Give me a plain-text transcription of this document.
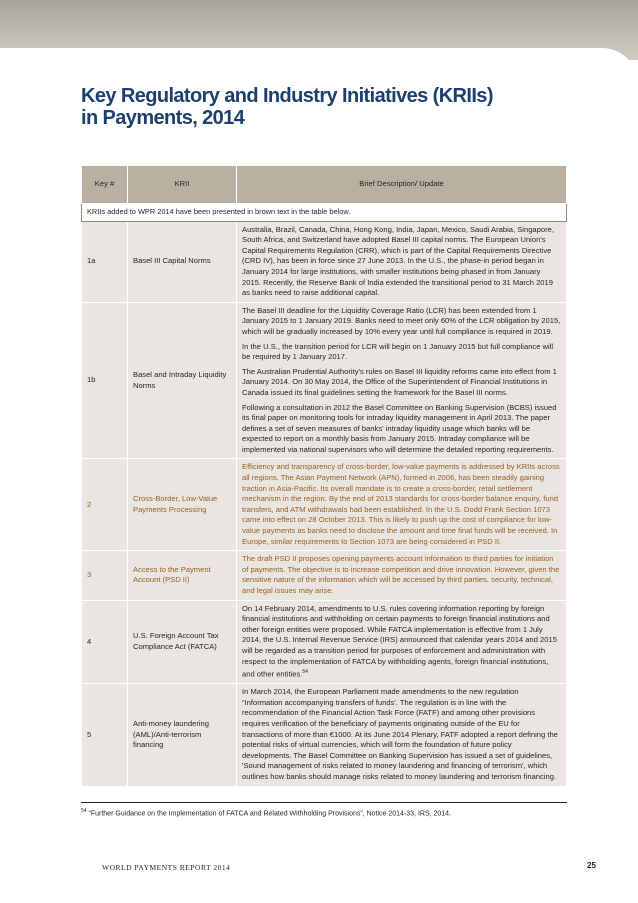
Key Regulatory and Industry Initiatives (KRIIs)
in Payments, 2014
Key #	KRII	Brief Description/ Update
KRIIs added to WPR 2014 have been presented in brown text in the table below.		
1a	Basel III Capital Norms	Australia, Brazil, Canada, China, Hong Kong, India, Japan, Mexico, Saudi Arabia, Singapore, South Africa, and Switzerland have adopted Basel III capital norms. The European Union's Capital Requirements Regulation (CRR), which is part of the Capital Requirements Directive (CRD IV), has been in force since 27 June 2013. In the U.S., the phase-in period began in January 2014 for large institutions, with smaller institutions being phased in from January 2015. Recently, the Reserve Bank of India extended the transitional period to 31 March 2019 as banks need to raise additional capital.

1b	Basel and Intraday Liquidity Norms	The Basel III deadline for the Liquidity Coverage Ratio (LCR) has been extended from 1 January 2015 to 1 January 2019. Banks need to meet only 60% of the LCR obligation by 2015, which will be gradually increased by 10% every year until full compliance is required in 2019.

In the U.S., the transition period for LCR will begin on 1 January 2015 but full compliance will be required by 1 January 2017.

The Australian Prudential Authority's rules on Basel III liquidity reforms came into effect from 1 January 2014. On 30 May 2014, the Office of the Superintendent of Financial Institutions in Canada issued its final guidelines setting the framework for the Basel III norms.

Following a consultation in 2012 the Basel Committee on Banking Supervision (BCBS) issued its final paper on monitoring tools for intraday liquidity management in April 2013. The paper defines a set of seven measures of banks' intraday liquidity usage which banks will be expected to report on a monthly basis from January 2015. Intraday compliance will be implemented via national supervisors who will determine the detailed reporting requirements.

2	Cross-Border, Low-Value Payments Processing	Efficiency and transparency of cross-border, low-value payments is addressed by KRIIs across all regions. The Asian Payment Network (APN), formed in 2006, has been steadily gaining traction in Asia-Pacific. Its overall mandate is to create a cross-border, retail settlement mechanism in the region. By the end of 2013 standards for cross-border balance enquiry, fund transfers, and ATM withdrawals had been established. In the U.S. Dodd Frank Section 1073 came into effect on 28 October 2013. This is likely to push up the cost of compliance for low-value payments as banks need to disclose the amount and time final funds will be received. In Europe, similar requirements to Section 1073 are being considered in PSD II.

3	Access to the Payment Account (PSD II)	The draft PSD II proposes opening payments account information to third parties for initiation of payments. The objective is to increase competition and drive innovation. However, given the sensitive nature of the information which will be accessed by third parties, security, technical, and legal issues may arise.

4	U.S. Foreign Account Tax Compliance Act (FATCA)	On 14 February 2014, amendments to U.S. rules covering information reporting by foreign financial institutions and withholding on certain payments to foreign financial institutions and other foreign entities were proposed. While FATCA implementation is effective from 1 July 2014, the U.S. Internal Revenue Service (IRS) announced that calendar years 2014 and 2015 will be regarded as a transition period for purposes of enforcement and administration with respect to the implementation of FATCA by withholding agents, foreign financial institutions, and other entities.$^{54}$

5	Anti-money laundering (AML)/Anti-terrorism financing	In March 2014, the European Parliament made amendments to the new regulation “Information accompanying transfers of funds'. The regulation is in line with the recommendation of the Financial Action Task Force (FATF) and among other provisions requires verification of the beneficiary of payments originating outside of the EU for transactions of more than €1000. At its June 2014 Plenary, FATF adopted a report defining the potential risks of virtual currencies, which will form the foundation of future policy developments. The Basel Committee on Banking Supervision has issued a set of guidelines, 'Sound management of risks related to money laundering and financing of terrorism', which outlines how banks should manage risks related to money laundering and terrorism financing.

$^{54}$ “Further Guidance on the Implementation of FATCA and Related Withholding Provisions”, Notice 2014-33, IRS, 2014.
WORLD PAYMENTS REPORT 2014	25
